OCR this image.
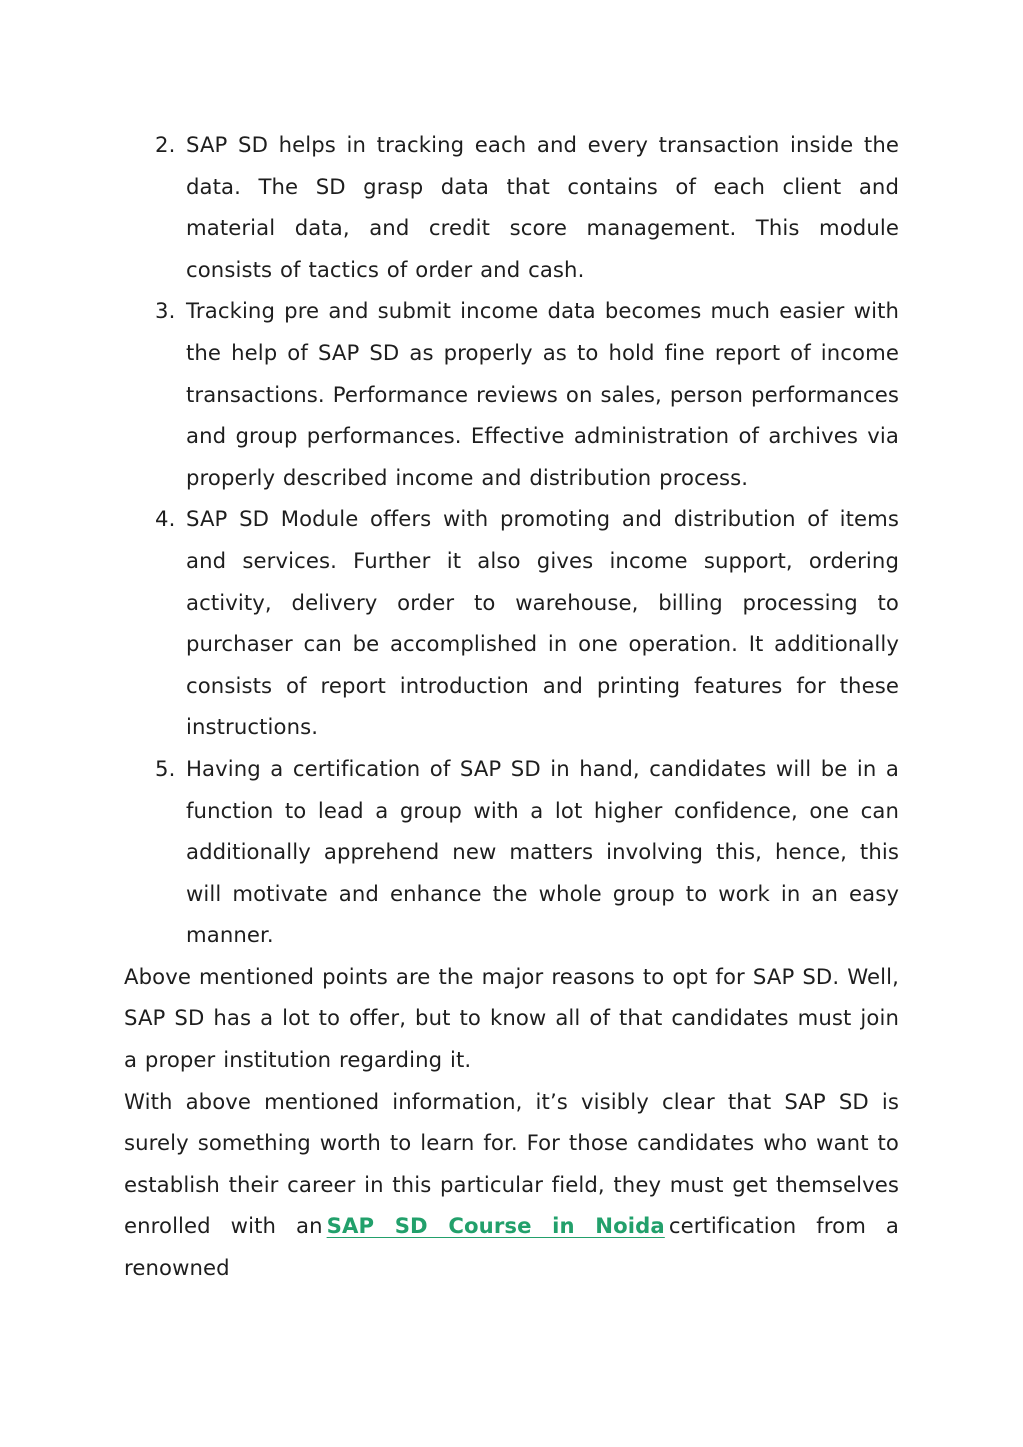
2. SAP SD helps in tracking each and every transaction inside the data. The SD grasp data that contains of each client and material data, and credit score management. This module consists of tactics of order and cash.
3. Tracking pre and submit income data becomes much easier with the help of SAP SD as properly as to hold fine report of income transactions. Performance reviews on sales, person performances and group performances. Effective administration of archives via properly described income and distribution process.
4. SAP SD Module offers with promoting and distribution of items and services. Further it also gives income support, ordering activity, delivery order to warehouse, billing processing to purchaser can be accomplished in one operation. It additionally consists of report introduction and printing features for these instructions.
5. Having a certification of SAP SD in hand, candidates will be in a function to lead a group with a lot higher confidence, one can additionally apprehend new matters involving this, hence, this will motivate and enhance the whole group to work in an easy manner.

Above mentioned points are the major reasons to opt for SAP SD. Well, SAP SD has a lot to offer, but to know all of that candidates must join a proper institution regarding it.

With above mentioned information, it’s visibly clear that SAP SD is surely something worth to learn for. For those candidates who want to establish their career in this particular field, they must get themselves enrolled with an SAP SD Course in Noida certification from a renowned
